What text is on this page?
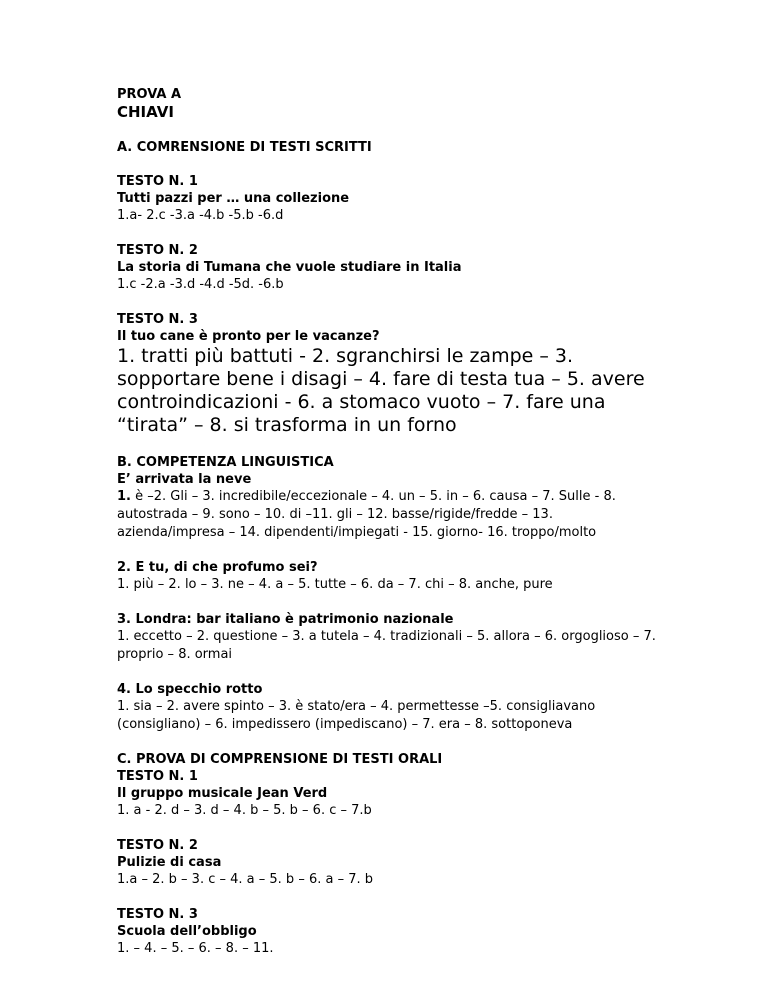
PROVA A

CHIAVI

A. COMRENSIONE DI TESTI SCRITTI

TESTO N. 1

Tutti pazzi per … una collezione

1.a- 2.c -3.a -4.b -5.b -6.d

TESTO N. 2

La storia di Tumana che vuole studiare in Italia

1.c -2.a -3.d -4.d -5d. -6.b

TESTO N. 3

Il tuo cane è pronto per le vacanze?

1. tratti più battuti - 2. sgranchirsi le zampe – 3. sopportare bene i disagi – 4. fare di testa tua – 5. avere controindicazioni - 6. a stomaco vuoto – 7. fare una “tirata” – 8. si trasforma in un forno

B. COMPETENZA LINGUISTICA

E’ arrivata la neve

1. è –2. Gli – 3. incredibile/eccezionale – 4. un – 5. in – 6. causa – 7. Sulle - 8. autostrada – 9. sono – 10. di –11. gli – 12. basse/rigide/fredde – 13. azienda/impresa – 14. dipendenti/impiegati - 15. giorno- 16. troppo/molto

2. E tu, di che profumo sei?

1. più – 2. lo – 3. ne – 4. a – 5. tutte – 6. da – 7. chi – 8. anche, pure

3. Londra: bar italiano è patrimonio nazionale

1. eccetto – 2. questione – 3. a tutela – 4. tradizionali – 5. allora – 6. orgoglioso – 7. proprio – 8. ormai

4. Lo specchio rotto

1. sia – 2. avere spinto – 3. è stato/era – 4. permettesse –5. consigliavano (consigliano) – 6. impedissero (impediscano) – 7. era – 8. sottoponeva

C. PROVA DI COMPRENSIONE DI TESTI ORALI

TESTO N. 1

Il gruppo musicale Jean Verd

1. a - 2. d – 3. d – 4. b – 5. b – 6. c – 7.b

TESTO N. 2

Pulizie di casa

1.a – 2. b – 3. c – 4. a – 5. b – 6. a – 7. b

TESTO N. 3

Scuola dell’obbligo

1. – 4. – 5. – 6. – 8. – 11.
